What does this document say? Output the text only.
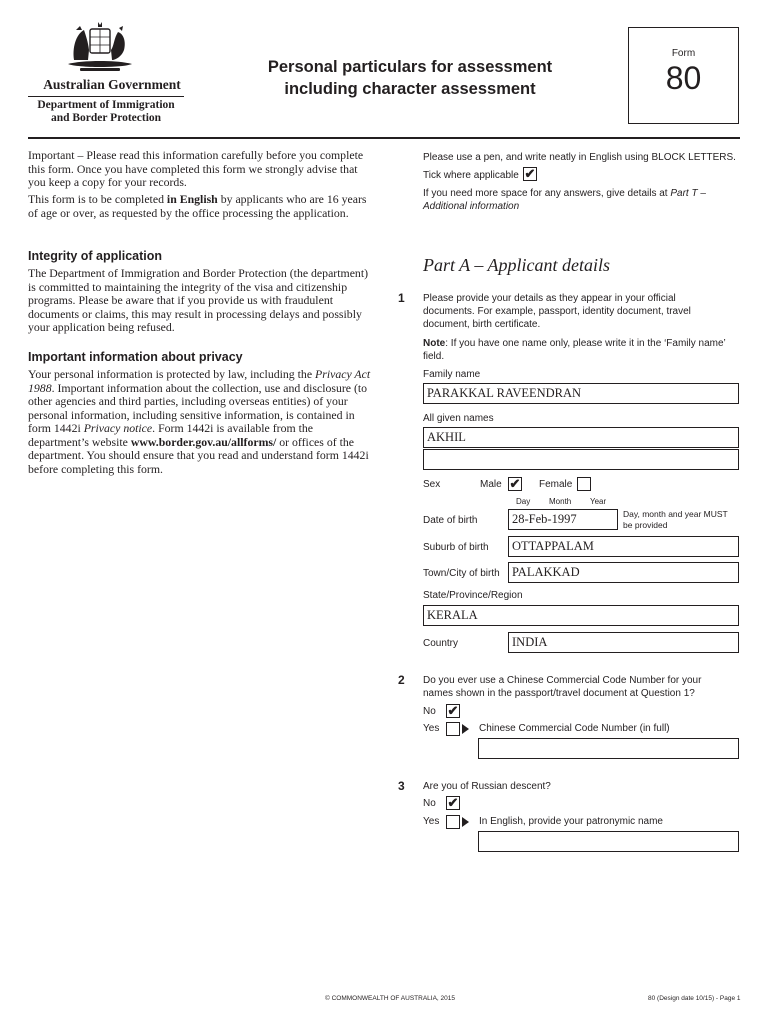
Australian Government
Department of Immigration
and Border Protection
Personal particulars for assessment
including character assessment
Form
80
Important – Please read this information carefully before you complete this form. Once you have completed this form we strongly advise that you keep a copy for your records.
This form is to be completed in English by applicants who are 16 years of age or over, as requested by the office processing the application.
Integrity of application
The Department of Immigration and Border Protection (the department) is committed to maintaining the integrity of the visa and citizenship programs. Please be aware that if you provide us with fraudulent documents or claims, this may result in processing delays and possibly your application being refused.
Important information about privacy
Your personal information is protected by law, including the Privacy Act 1988. Important information about the collection, use and disclosure (to other agencies and third parties, including overseas entities) of your personal information, including sensitive information, is contained in form 1442i Privacy notice. Form 1442i is available from the department’s website www.border.gov.au/allforms/ or offices of the department. You should ensure that you read and understand form 1442i before completing this form.
Please use a pen, and write neatly in English using BLOCK LETTERS.
Tick where applicable ✔
If you need more space for any answers, give details at Part T – Additional information
Part A – Applicant details
1 Please provide your details as they appear in your official documents. For example, passport, identity document, travel document, birth certificate.
Note: If you have one name only, please write it in the ‘Family name’ field.
Family name
PARAKKAL RAVEENDRAN
All given names
AKHIL
Sex	Male ✔ Female
Day Month Year
Date of birth	28-Feb-1997	Day, month and year MUST be provided
Suburb of birth	OTTAPPALAM
Town/City of birth PALAKKAD
State/Province/Region
KERALA
Country	INDIA
2 Do you ever use a Chinese Commercial Code Number for your names shown in the passport/travel document at Question 1?
No ✔
Yes	Chinese Commercial Code Number (in full)
3 Are you of Russian descent?
No ✔
Yes	In English, provide your patronymic name
© COMMONWEALTH OF AUSTRALIA, 2015	80 (Design date 10/15) - Page 1
